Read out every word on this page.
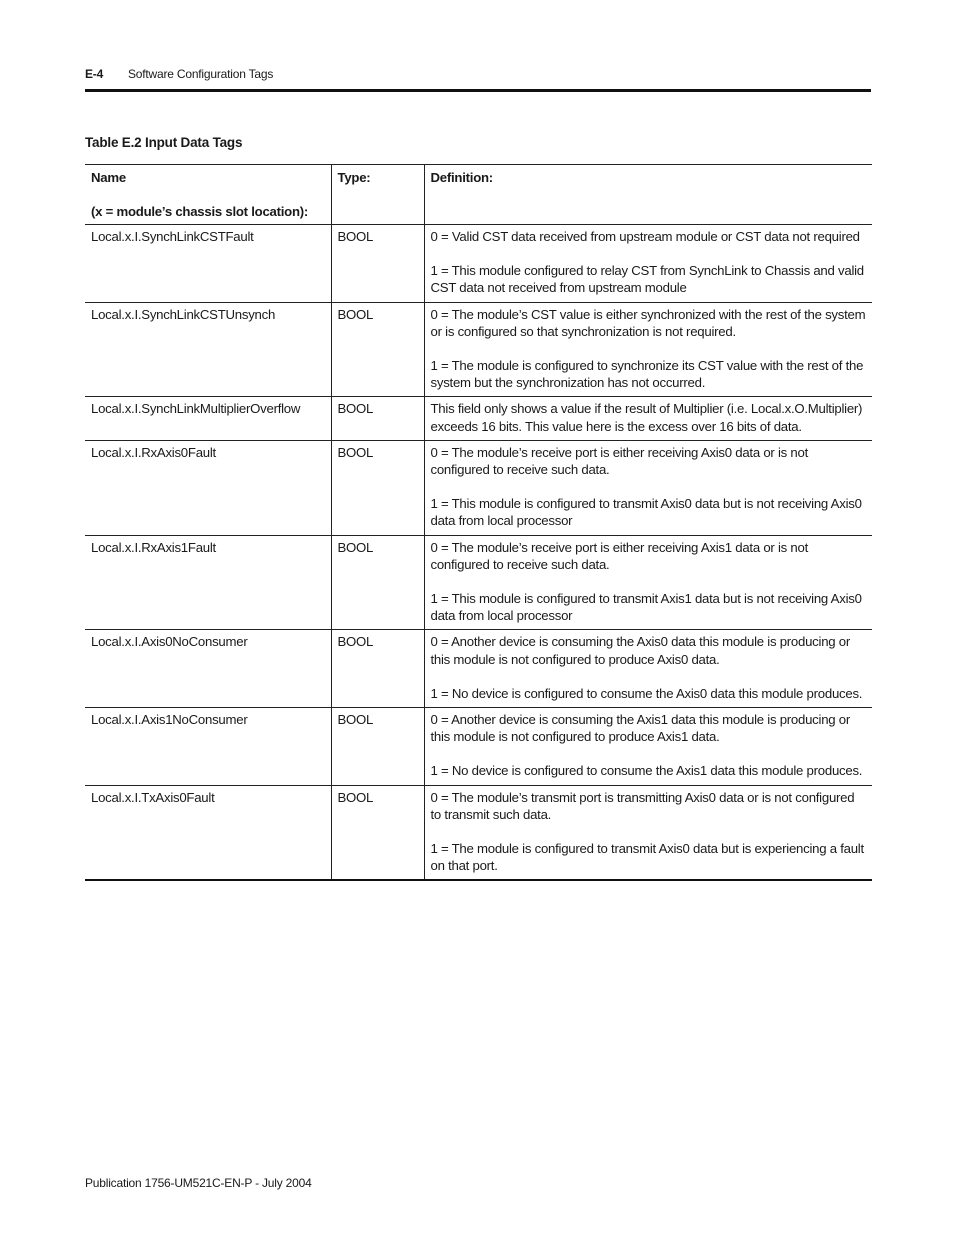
E-4 Software Configuration Tags
Table E.2 Input Data Tags
Name
(x = module’s chassis slot location):	Type:	Definition:
Local.x.I.SynchLinkCSTFault	BOOL	0 = Valid CST data received from upstream module or CST data not required

1 = This module configured to relay CST from SynchLink to Chassis and valid CST data not received from upstream module

Local.x.I.SynchLinkCSTUnsynch	BOOL	0 = The module’s CST value is either synchronized with the rest of the system or is configured so that synchronization is not required.

1 = The module is configured to synchronize its CST value with the rest of the system but the synchronization has not occurred.

Local.x.I.SynchLinkMultiplierOverflow	BOOL	This field only shows a value if the result of Multiplier (i.e. Local.x.O.Multiplier) exceeds 16 bits. This value here is the excess over 16 bits of data.

Local.x.I.RxAxis0Fault	BOOL	0 = The module’s receive port is either receiving Axis0 data or is not configured to receive such data.

1 = This module is configured to transmit Axis0 data but is not receiving Axis0 data from local processor

Local.x.I.RxAxis1Fault	BOOL	0 = The module’s receive port is either receiving Axis1 data or is not configured to receive such data.

1 = This module is configured to transmit Axis1 data but is not receiving Axis0 data from local processor

Local.x.I.Axis0NoConsumer	BOOL	0 = Another device is consuming the Axis0 data this module is producing or this module is not configured to produce Axis0 data.

1 = No device is configured to consume the Axis0 data this module produces.

Local.x.I.Axis1NoConsumer	BOOL	0 = Another device is consuming the Axis1 data this module is producing or this module is not configured to produce Axis1 data.

1 = No device is configured to consume the Axis1 data this module produces.

Local.x.I.TxAxis0Fault	BOOL	0 = The module’s transmit port is transmitting Axis0 data or is not configured to transmit such data.

1 = The module is configured to transmit Axis0 data but is experiencing a fault on that port.

Publication 1756-UM521C-EN-P - July 2004
